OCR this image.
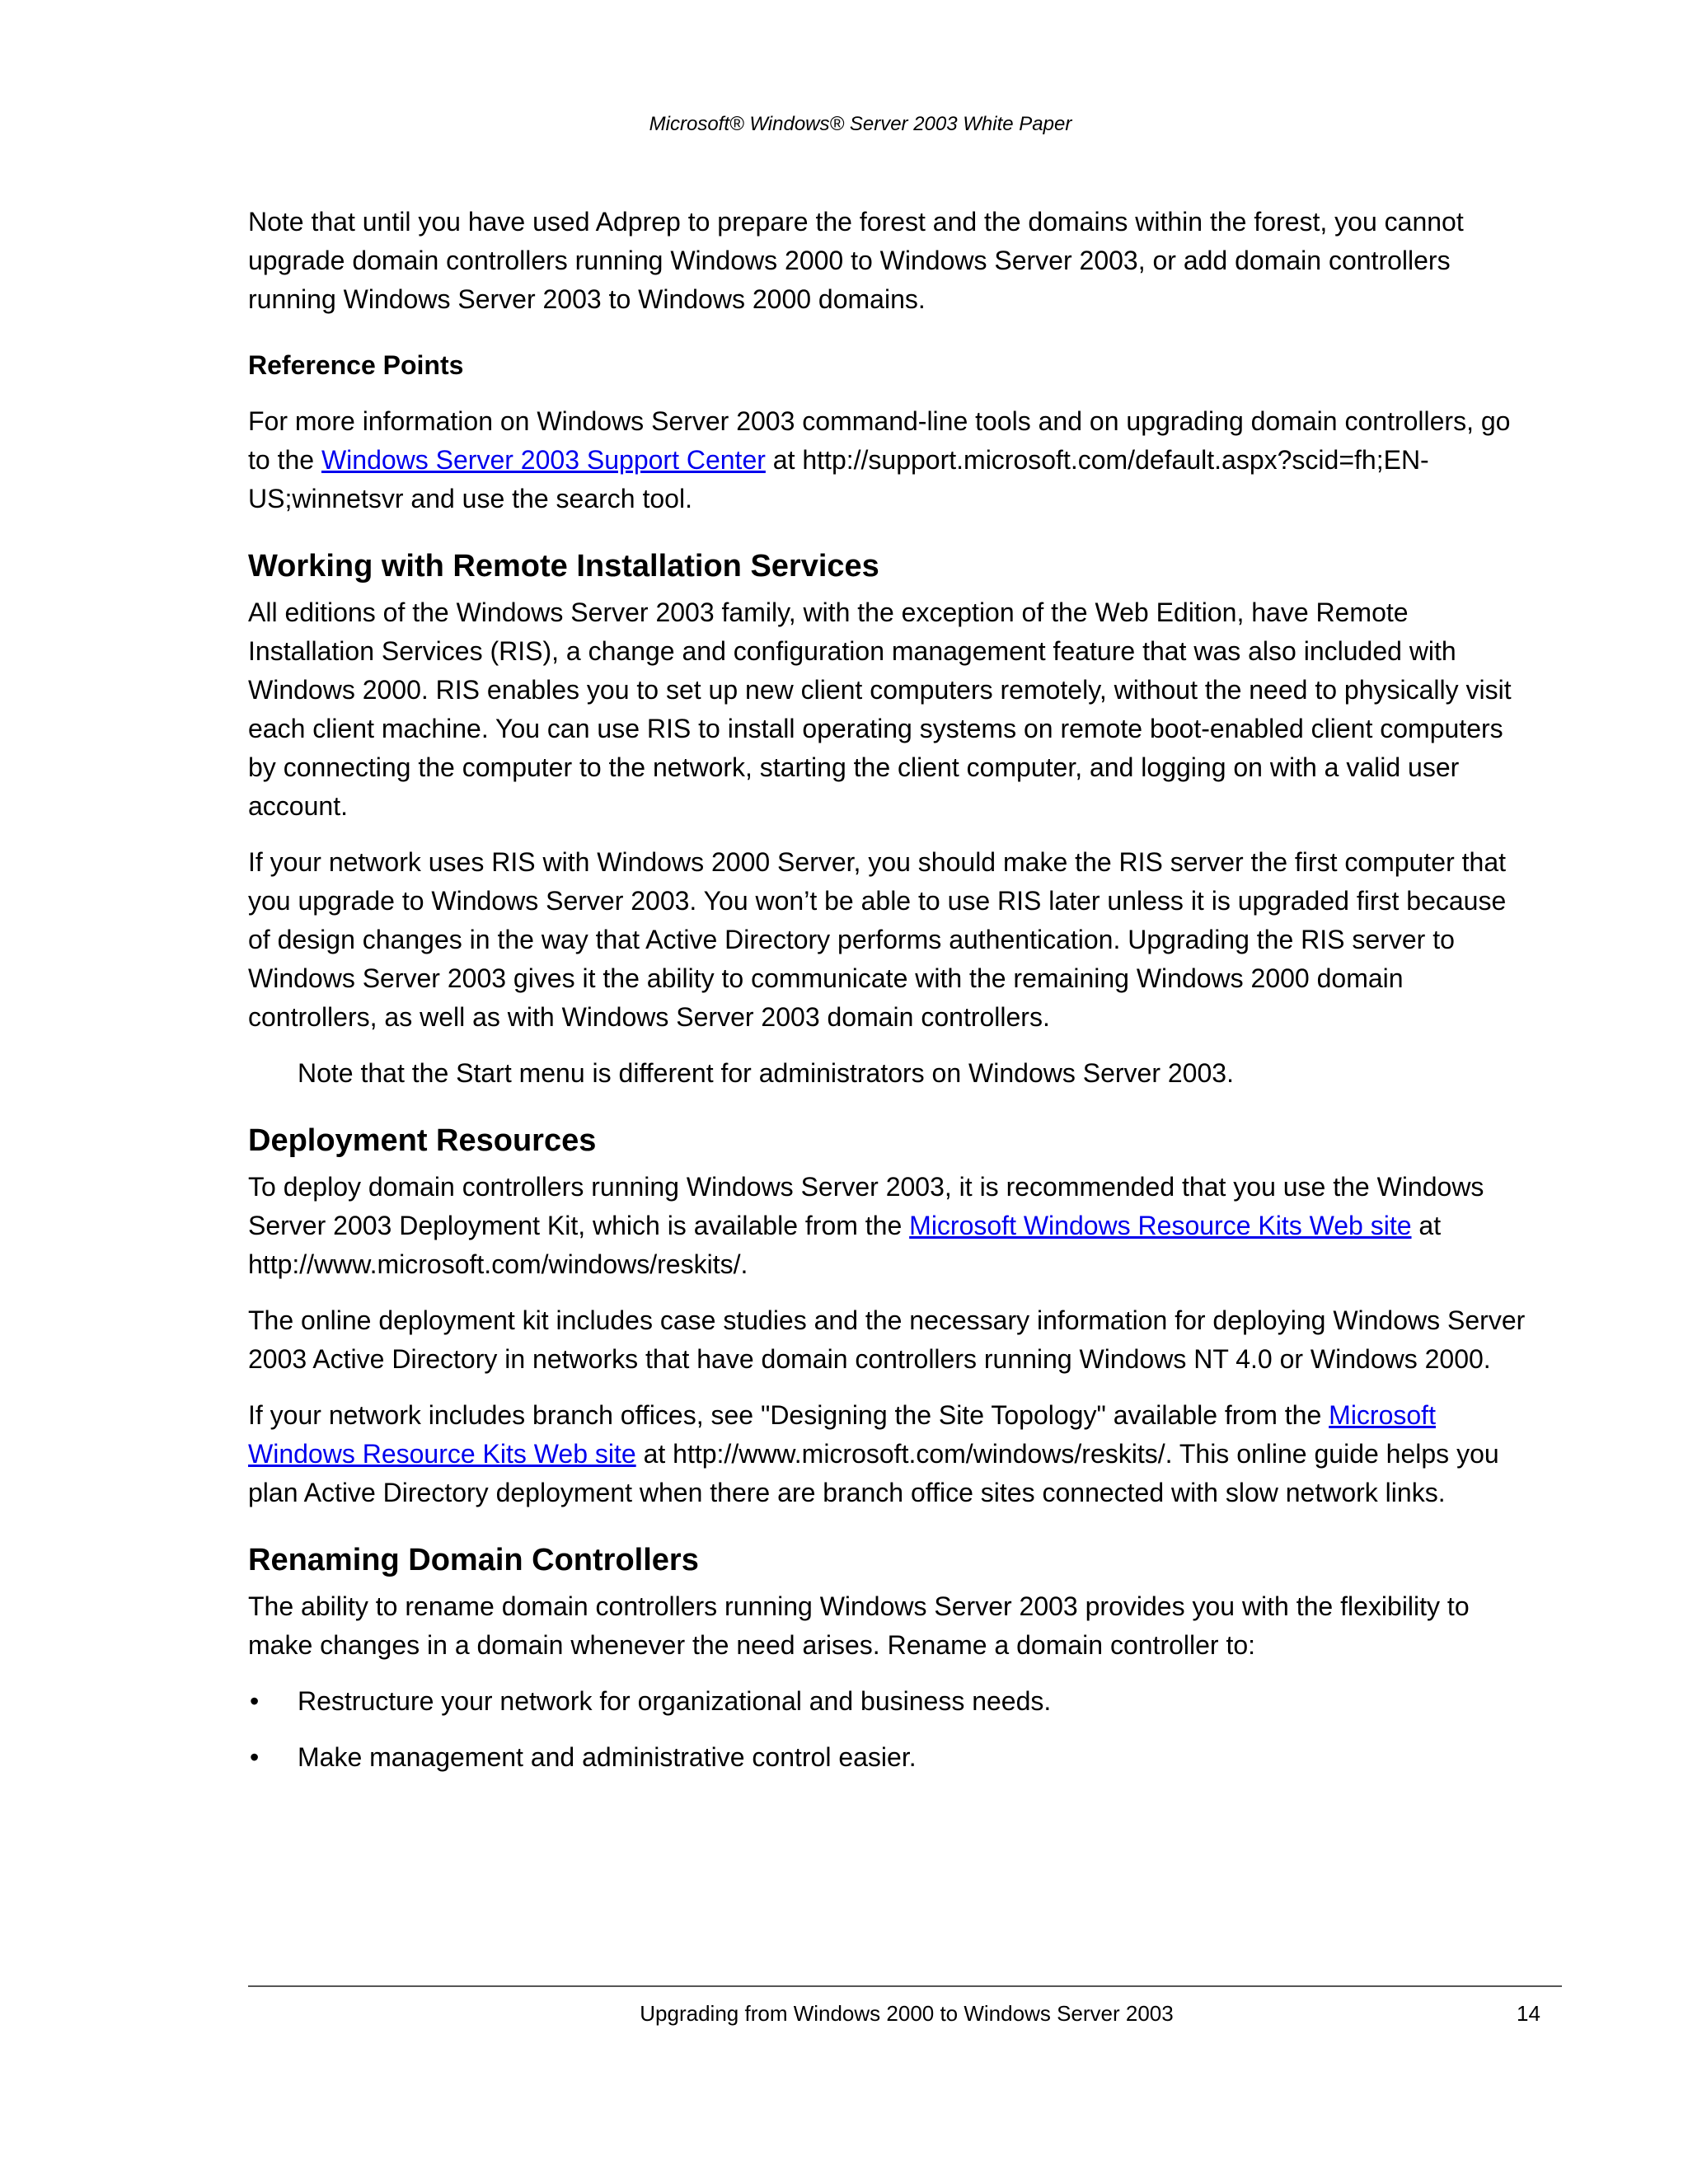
Microsoft® Windows® Server 2003 White Paper

Note that until you have used Adprep to prepare the forest and the domains within the forest, you cannot upgrade domain controllers running Windows 2000 to Windows Server 2003, or add domain controllers running Windows Server 2003 to Windows 2000 domains.

Reference Points

For more information on Windows Server 2003 command-line tools and on upgrading domain controllers, go to the Windows Server 2003 Support Center at http://support.microsoft.com/default.aspx?scid=fh;EN-US;winnetsvr and use the search tool.

Working with Remote Installation Services

All editions of the Windows Server 2003 family, with the exception of the Web Edition, have Remote Installation Services (RIS), a change and configuration management feature that was also included with Windows 2000. RIS enables you to set up new client computers remotely, without the need to physically visit each client machine. You can use RIS to install operating systems on remote boot-enabled client computers by connecting the computer to the network, starting the client computer, and logging on with a valid user account.

If your network uses RIS with Windows 2000 Server, you should make the RIS server the first computer that you upgrade to Windows Server 2003. You won’t be able to use RIS later unless it is upgraded first because of design changes in the way that Active Directory performs authentication. Upgrading the RIS server to Windows Server 2003 gives it the ability to communicate with the remaining Windows 2000 domain controllers, as well as with Windows Server 2003 domain controllers.

Note that the Start menu is different for administrators on Windows Server 2003.

Deployment Resources

To deploy domain controllers running Windows Server 2003, it is recommended that you use the Windows Server 2003 Deployment Kit, which is available from the Microsoft Windows Resource Kits Web site at http://www.microsoft.com/windows/reskits/.

The online deployment kit includes case studies and the necessary information for deploying Windows Server 2003 Active Directory in networks that have domain controllers running Windows NT 4.0 or Windows 2000.

If your network includes branch offices, see "Designing the Site Topology" available from the Microsoft Windows Resource Kits Web site at http://www.microsoft.com/windows/reskits/. This online guide helps you plan Active Directory deployment when there are branch office sites connected with slow network links.

Renaming Domain Controllers

The ability to rename domain controllers running Windows Server 2003 provides you with the flexibility to make changes in a domain whenever the need arises. Rename a domain controller to:

• Restructure your network for organizational and business needs.
• Make management and administrative control easier.
Upgrading from Windows 2000 to Windows Server 2003	14
